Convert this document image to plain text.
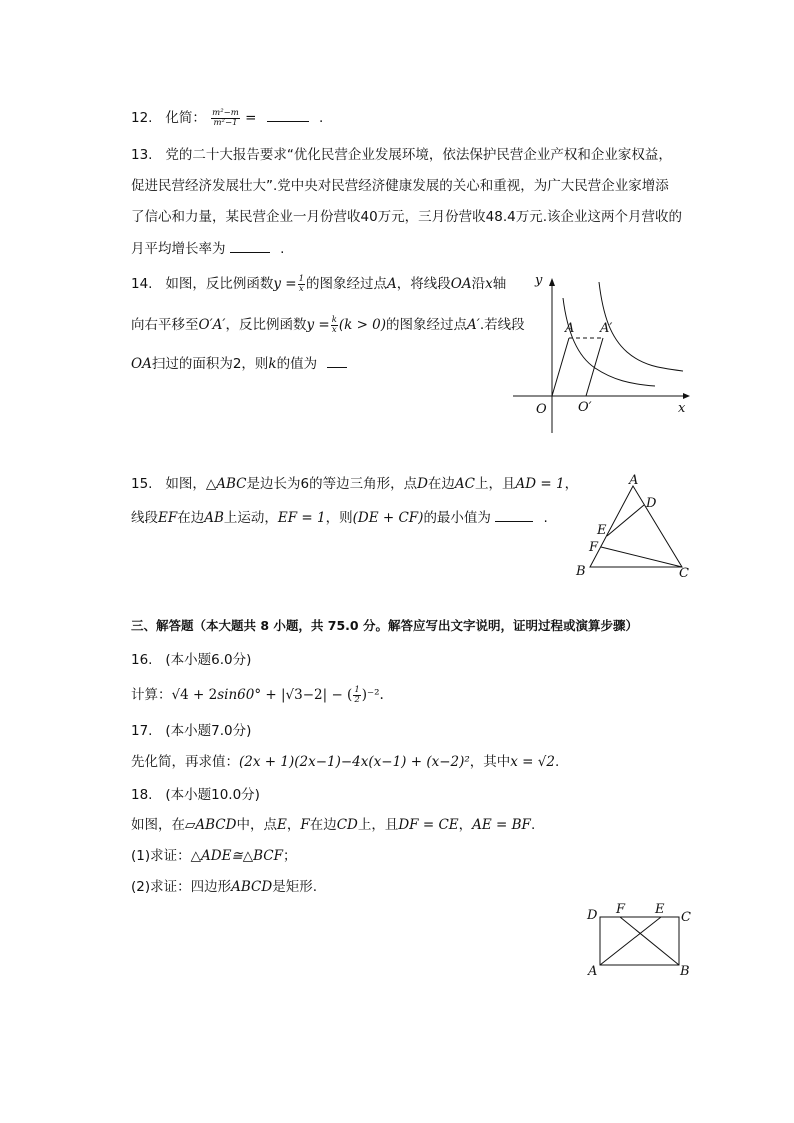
12. 化简： $\frac{\text{m²−m}}{\text{m²−1}}$ =	.
13. 党的二十大报告要求“优化民营企业发展环境，依法保护民营企业产权和企业家权益，
促进民营经济发展壮大”.党中央对民营经济健康发展的关心和重视，为广大民营企业家增添
了信心和力量，某民营企业一月份营收40万元，三月份营收48.4万元.该企业这两个月营收的
月平均增长率为	.
14. 如图，反比例函数$y = \frac{1}{x}$ 的图象经过点A，将线段OA沿x轴
向右平移至O′A′，反比例函数$y = \frac{k}{x} (k > 0)$的图象经过点A′.若线段
OA扫过的面积为2，则k的值为
y
x
O O′
A A′
15. 如图，△ABC是边长为6的等边三角形，点D在边AC上，且AD = 1，
线段EF在边AB上运动，EF = 1，则(DE + CF)的最小值为	.
A
D
E
F
B	C
三、解答题（本大题共 8 小题，共 75.0 分。解答应写出文字说明，证明过程或演算步骤）
16. (本小题6.0分)
计算：√4 + 2sin60° + |√3−2| − ( $\frac{1}{2} )^{-2}$.
17. (本小题7.0分)
先化简，再求值：(2x + 1)(2x−1)−4x(x−1) + (x−2)²，其中x = √2.
18. (本小题10.0分)
如图，在▱ABCD中，点E，F在边CD上，且DF = CE，AE = BF.
(1)求证：△ADE≅△BCF；
(2)求证：四边形ABCD是矩形.
D F E
C
A	B
